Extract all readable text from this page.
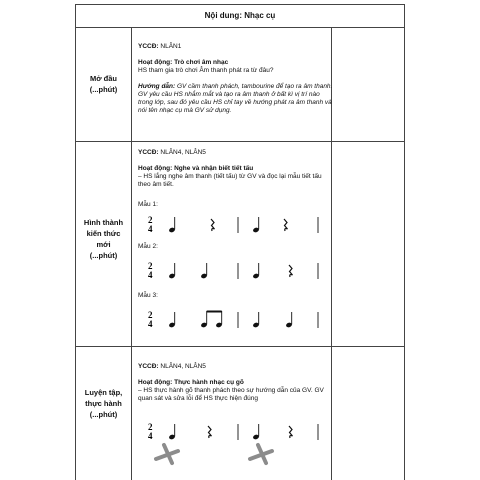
Nội dung: Nhạc cụ
Mở đầu
(...phút)

YCCĐ: NLÂN1

Hoạt động: Trò chơi âm nhạc

HS tham gia trò chơi Âm thanh phát ra từ đâu?

Hướng dẫn: GV cầm thanh phách, tambourine để tạo ra âm thanh. GV yêu cầu HS nhắm mắt và tạo ra âm thanh ở bất kì vị trí nào trong lớp, sau đó yêu cầu HS chỉ tay về hướng phát ra âm thanh và nói tên nhạc cụ mà GV sử dụng.

Hình thành
kiến thức
mới
(...phút)

YCCĐ: NLÂN4, NLÂN5

Hoạt động: Nghe và nhận biết tiết tấu

– HS lắng nghe âm thanh (tiết tấu) từ GV và đọc lại mẫu tiết tấu theo âm tiết.

Mẫu 1:
Mẫu 2:
Mẫu 3:
2
4
2
4
2
4
Luyện tập,
thực hành
(...phút)

YCCĐ: NLÂN4, NLÂN5

Hoạt động: Thực hành nhạc cụ gõ

– HS thực hành gõ thanh phách theo sự hướng dẫn của GV. GV quan sát và sửa lỗi để HS thực hiện đúng

2
4
